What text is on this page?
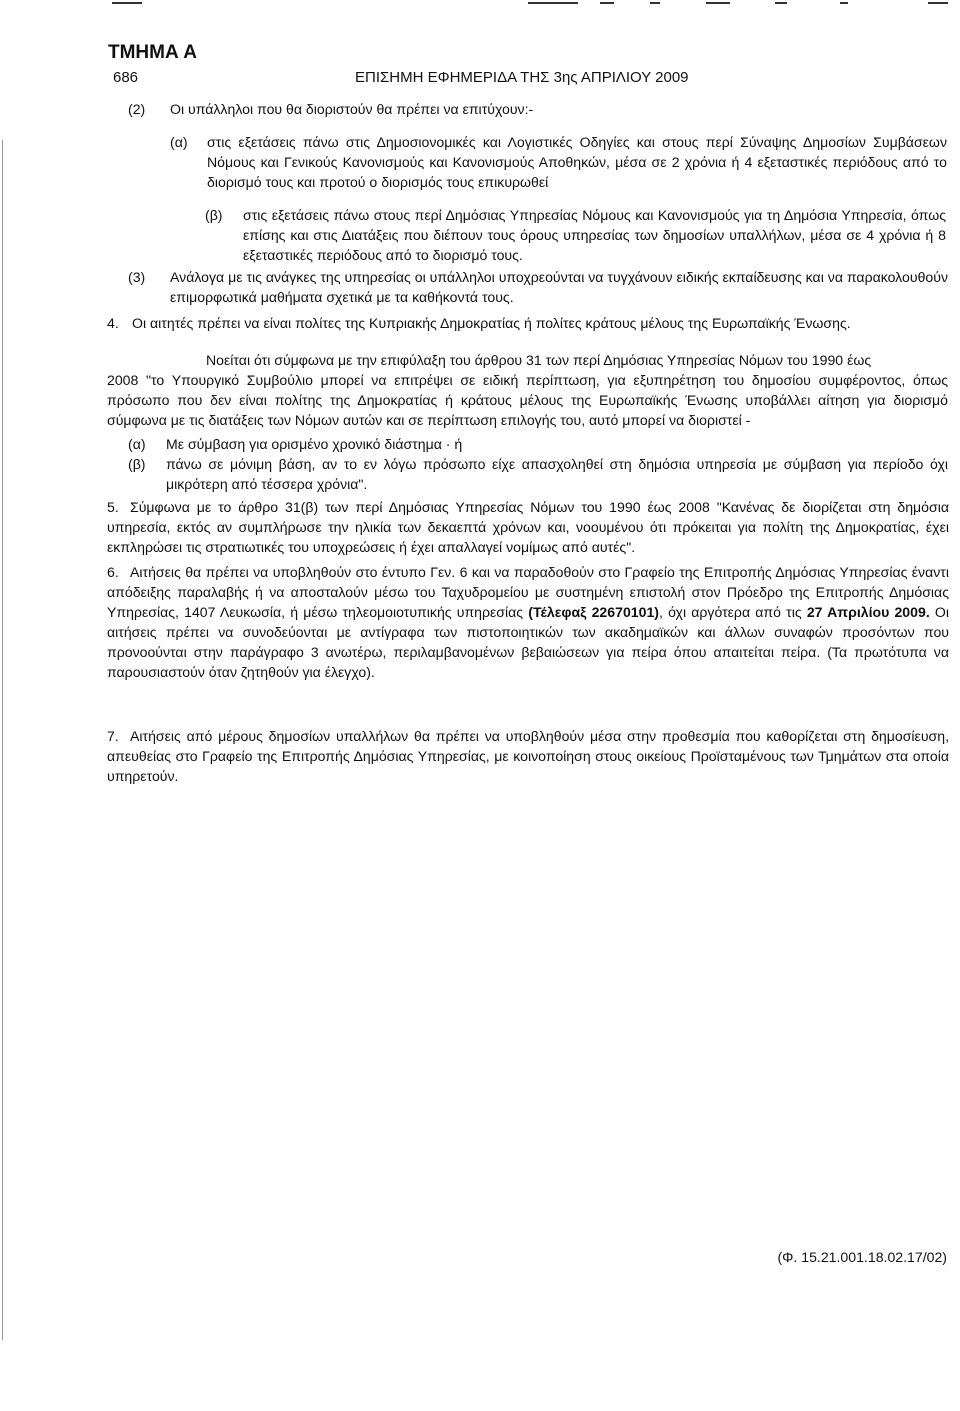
ΤΜΗΜΑ Α
686	ΕΠΙΣΗΜΗ ΕΦΗΜΕΡΙΔΑ ΤΗΣ 3ης ΑΠΡΙΛΙΟΥ 2009
(2) Οι υπάλληλοι που θα διοριστούν θα πρέπει να επιτύχουν:-
(α) στις εξετάσεις πάνω στις Δημοσιονομικές και Λογιστικές Οδηγίες και στους περί Σύναψης Δημοσίων Συμβάσεων Νόμους και Γενικούς Κανονισμούς και Κανονισμούς Αποθηκών, μέσα σε 2 χρόνια ή 4 εξεταστικές περιόδους από το διορισμό τους και προτού ο διορισμός τους επικυρωθεί
(β) στις εξετάσεις πάνω στους περί Δημόσιας Υπηρεσίας Νόμους και Κανονισμούς για τη Δημόσια Υπηρεσία, όπως επίσης και στις Διατάξεις που διέπουν τους όρους υπηρεσίας των δημοσίων υπαλλήλων, μέσα σε 4 χρόνια ή 8 εξεταστικές περιόδους από το διορισμό τους.
(3) Ανάλογα με τις ανάγκες της υπηρεσίας οι υπάλληλοι υποχρεούνται να τυγχάνουν ειδικής εκπαίδευσης και να παρακολουθούν επιμορφωτικά μαθήματα σχετικά με τα καθήκοντά τους.
4. Οι αιτητές πρέπει να είναι πολίτες της Κυπριακής Δημοκρατίας ή πολίτες κράτους μέλους της Ευρωπαϊκής Ένωσης.
Νοείται ότι σύμφωνα με την επιφύλαξη του άρθρου 31 των περί Δημόσιας Υπηρεσίας Νόμων του 1990 έως
2008 "το Υπουργικό Συμβούλιο μπορεί να επιτρέψει σε ειδική περίπτωση, για εξυπηρέτηση του δημοσίου συμφέροντος, όπως πρόσωπο που δεν είναι πολίτης της Δημοκρατίας ή κράτους μέλους της Ευρωπαϊκής Ένωσης υποβάλλει αίτηση για διορισμό σύμφωνα με τις διατάξεις των Νόμων αυτών και σε περίπτωση επιλογής του, αυτό μπορεί να διοριστεί -
(α) Με σύμβαση για ορισμένο χρονικό διάστημα · ή
(β) πάνω σε μόνιμη βάση, αν το εν λόγω πρόσωπο είχε απασχοληθεί στη δημόσια υπηρεσία με σύμβαση για περίοδο όχι μικρότερη από τέσσερα χρόνια".
5. Σύμφωνα με το άρθρο 31(β) των περί Δημόσιας Υπηρεσίας Νόμων του 1990 έως 2008 "Κανένας δε διορίζεται στη δημόσια υπηρεσία, εκτός αν συμπλήρωσε την ηλικία των δεκαεπτά χρόνων και, νοουμένου ότι πρόκειται για πολίτη της Δημοκρατίας, έχει εκπληρώσει τις στρατιωτικές του υποχρεώσεις ή έχει απαλλαγεί νομίμως από αυτές".
6. Αιτήσεις θα πρέπει να υποβληθούν στο έντυπο Γεν. 6 και να παραδοθούν στο Γραφείο της Επιτροπής Δημόσιας Υπηρεσίας έναντι απόδειξης παραλαβής ή να αποσταλούν μέσω του Ταχυδρομείου με συστημένη επιστολή στον Πρόεδρο της Επιτροπής Δημόσιας Υπηρεσίας, 1407 Λευκωσία, ή μέσω τηλεομοιοτυπικής υπηρεσίας (Τέλεφαξ 22670101), όχι αργότερα από τις 27 Απριλίου 2009. Οι αιτήσεις πρέπει να συνοδεύονται με αντίγραφα των πιστοποιητικών των ακαδημαϊκών και άλλων συναφών προσόντων που προνοούνται στην παράγραφο 3 ανωτέρω, περιλαμβανομένων βεβαιώσεων για πείρα όπου απαιτείται πείρα. (Τα πρωτότυπα να παρουσιαστούν όταν ζητηθούν για έλεγχο).
7. Αιτήσεις από μέρους δημοσίων υπαλλήλων θα πρέπει να υποβληθούν μέσα στην προθεσμία που καθορίζεται στη δημοσίευση, απευθείας στο Γραφείο της Επιτροπής Δημόσιας Υπηρεσίας, με κοινοποίηση στους οικείους Προϊσταμένους των Τμημάτων στα οποία υπηρετούν.
(Φ. 15.21.001.18.02.17/02)
